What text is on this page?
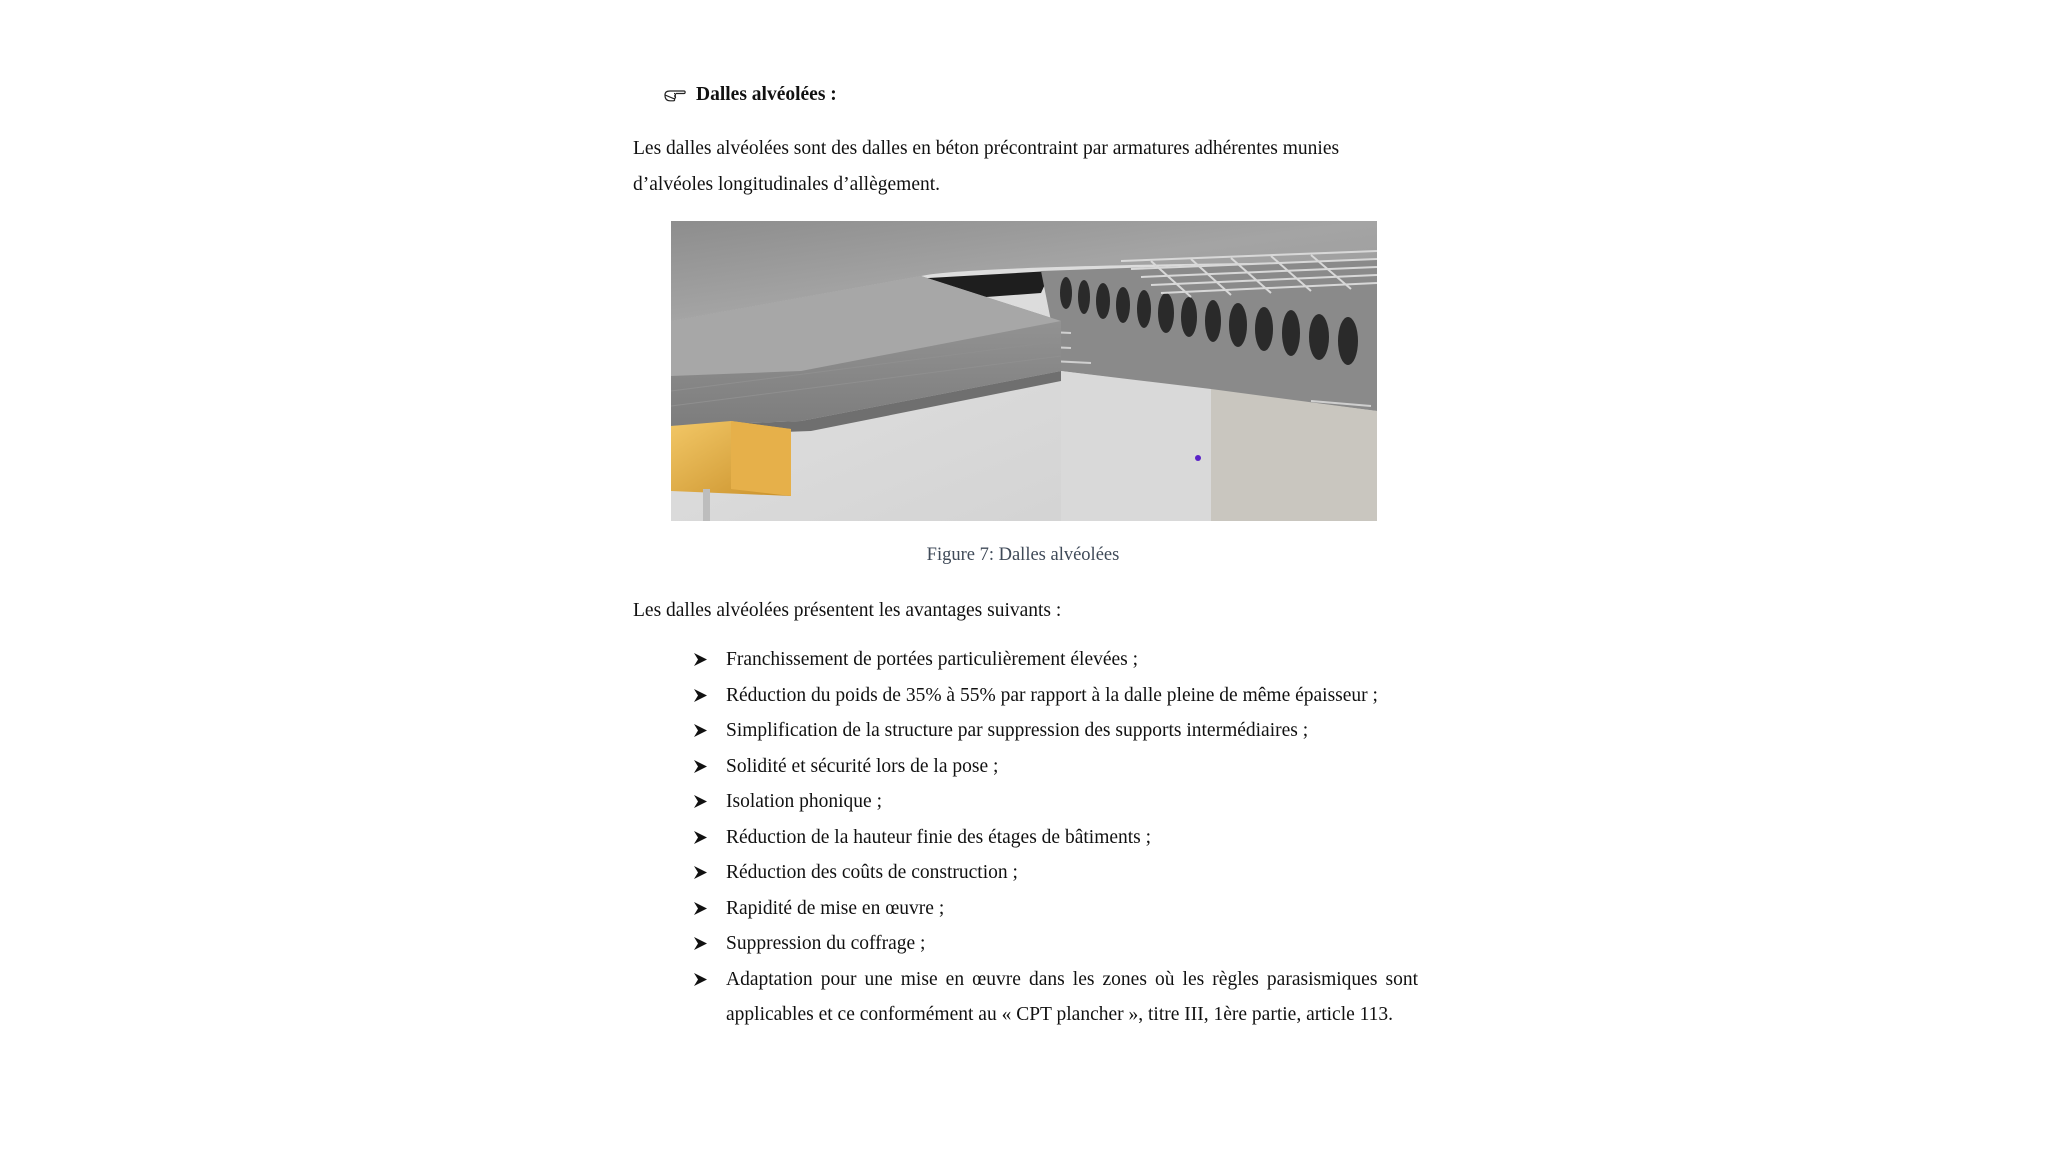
Dalles alvéolées :

Les dalles alvéolées sont des dalles en béton précontraint par armatures adhérentes munies
d’alvéoles longitudinales d’allègement.

Figure 7: Dalles alvéolées

Les dalles alvéolées présentent les avantages suivants :

Franchissement de portées particulièrement élevées ;
Réduction du poids de 35% à 55% par rapport à la dalle pleine de même épaisseur ;
Simplification de la structure par suppression des supports intermédiaires ;
Solidité et sécurité lors de la pose ;
Isolation phonique ;
Réduction de la hauteur finie des étages de bâtiments ;
Réduction des coûts de construction ;
Rapidité de mise en œuvre ;
Suppression du coffrage ;
Adaptation pour une mise en œuvre dans les zones où les règles parasismiques sont applicables et ce conformément au « CPT plancher », titre III, 1ère partie, article 113.
